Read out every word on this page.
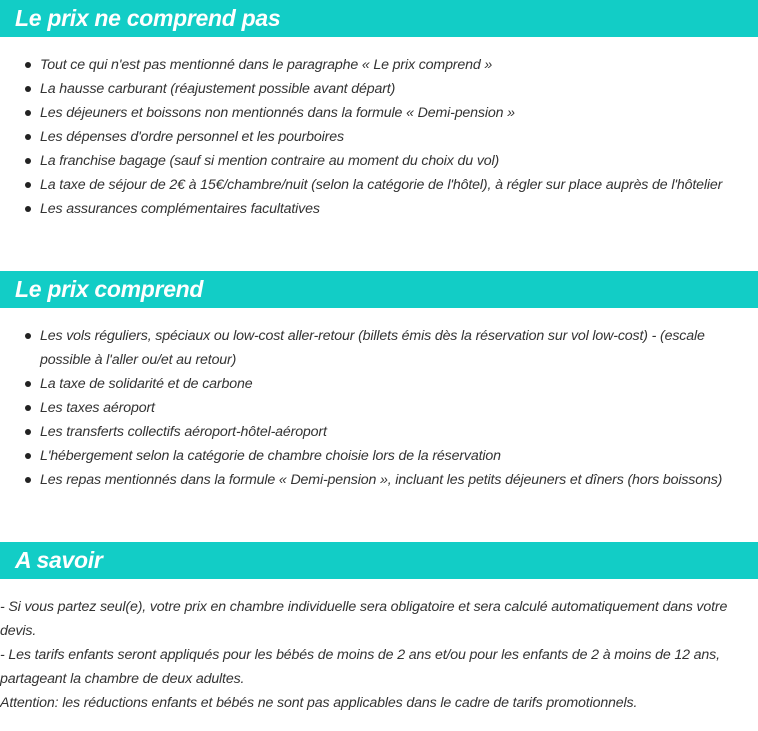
Le prix ne comprend pas
Tout ce qui n'est pas mentionné dans le paragraphe « Le prix comprend »
La hausse carburant (réajustement possible avant départ)
Les déjeuners et boissons non mentionnés dans la formule « Demi-pension »
Les dépenses d'ordre personnel et les pourboires
La franchise bagage (sauf si mention contraire au moment du choix du vol)
La taxe de séjour de 2€ à 15€/chambre/nuit (selon la catégorie de l'hôtel), à régler sur place auprès de l'hôtelier
Les assurances complémentaires facultatives
Le prix comprend
Les vols réguliers, spéciaux ou low-cost aller-retour (billets émis dès la réservation sur vol low-cost) - (escale possible à l'aller ou/et au retour)
La taxe de solidarité et de carbone
Les taxes aéroport
Les transferts collectifs aéroport-hôtel-aéroport
L'hébergement selon la catégorie de chambre choisie lors de la réservation
Les repas mentionnés dans la formule « Demi-pension », incluant les petits déjeuners et dîners (hors boissons)
A savoir

- Si vous partez seul(e), votre prix en chambre individuelle sera obligatoire et sera calculé automatiquement dans votre devis.

- Les tarifs enfants seront appliqués pour les bébés de moins de 2 ans et/ou pour les enfants de 2 à moins de 12 ans, partageant la chambre de deux adultes.

Attention: les réductions enfants et bébés ne sont pas applicables dans le cadre de tarifs promotionnels.
